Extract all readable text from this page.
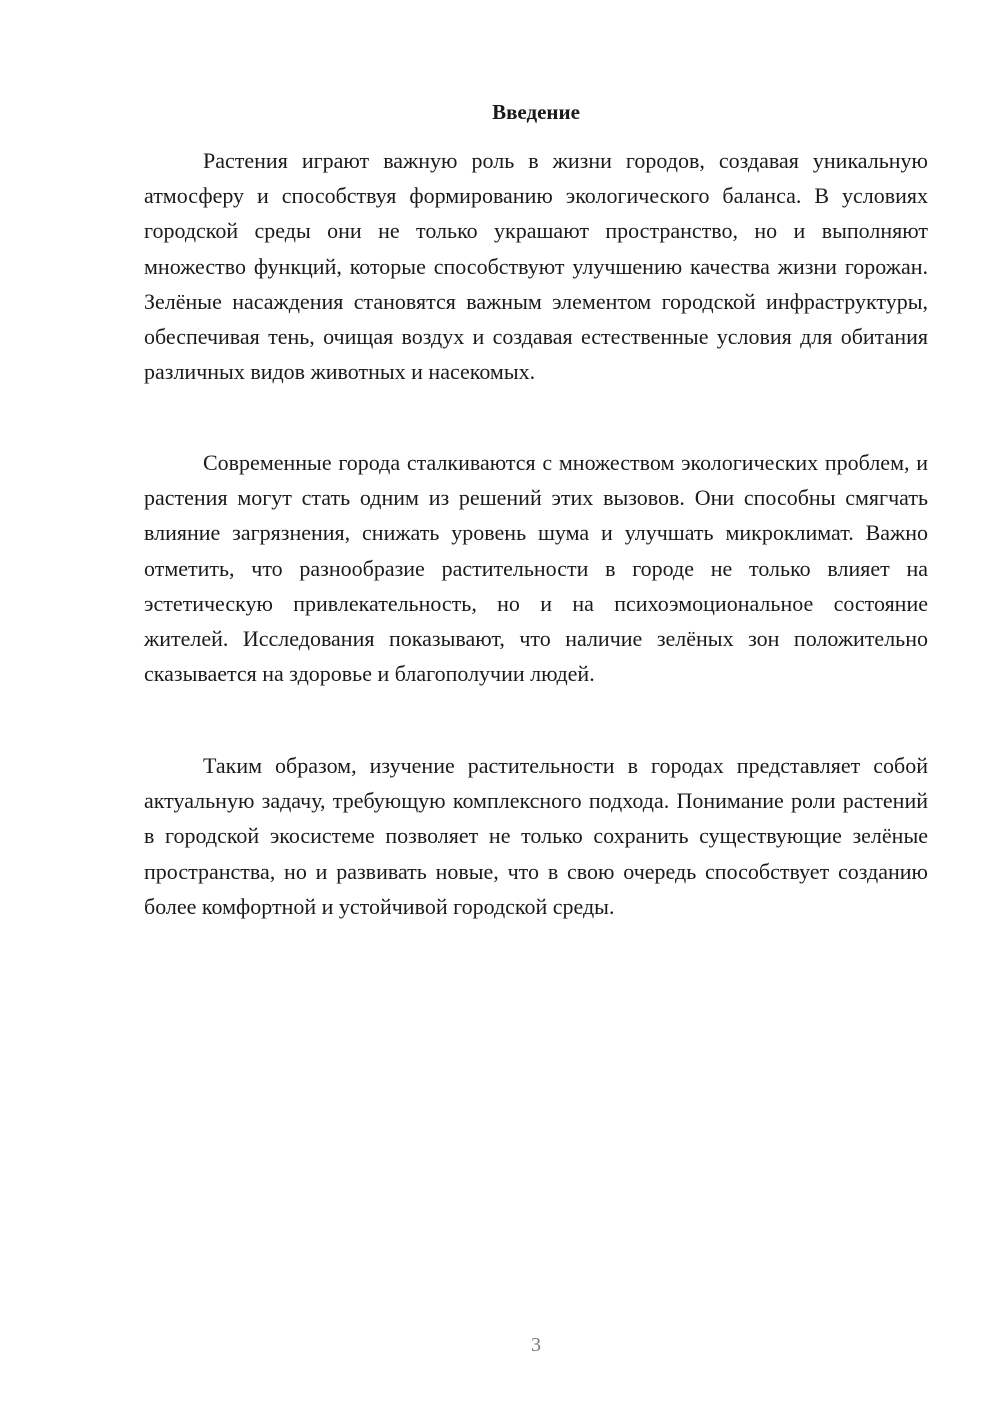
Введение

Растения играют важную роль в жизни городов, создавая уникальную атмосферу и способствуя формированию экологического баланса. В условиях городской среды они не только украшают пространство, но и выполняют множество функций, которые способствуют улучшению качества жизни горожан. Зелёные насаждения становятся важным элементом городской инфраструктуры, обеспечивая тень, очищая воздух и создавая естественные условия для обитания различных видов животных и насекомых.

Современные города сталкиваются с множеством экологических проблем, и растения могут стать одним из решений этих вызовов. Они способны смягчать влияние загрязнения, снижать уровень шума и улучшать микроклимат. Важно отметить, что разнообразие растительности в городе не только влияет на эстетическую привлекательность, но и на психоэмоциональное состояние жителей. Исследования показывают, что наличие зелёных зон положительно сказывается на здоровье и благополучии людей.

Таким образом, изучение растительности в городах представляет собой актуальную задачу, требующую комплексного подхода. Понимание роли растений в городской экосистеме позволяет не только сохранить существующие зелёные пространства, но и развивать новые, что в свою очередь способствует созданию более комфортной и устойчивой городской среды.

3
